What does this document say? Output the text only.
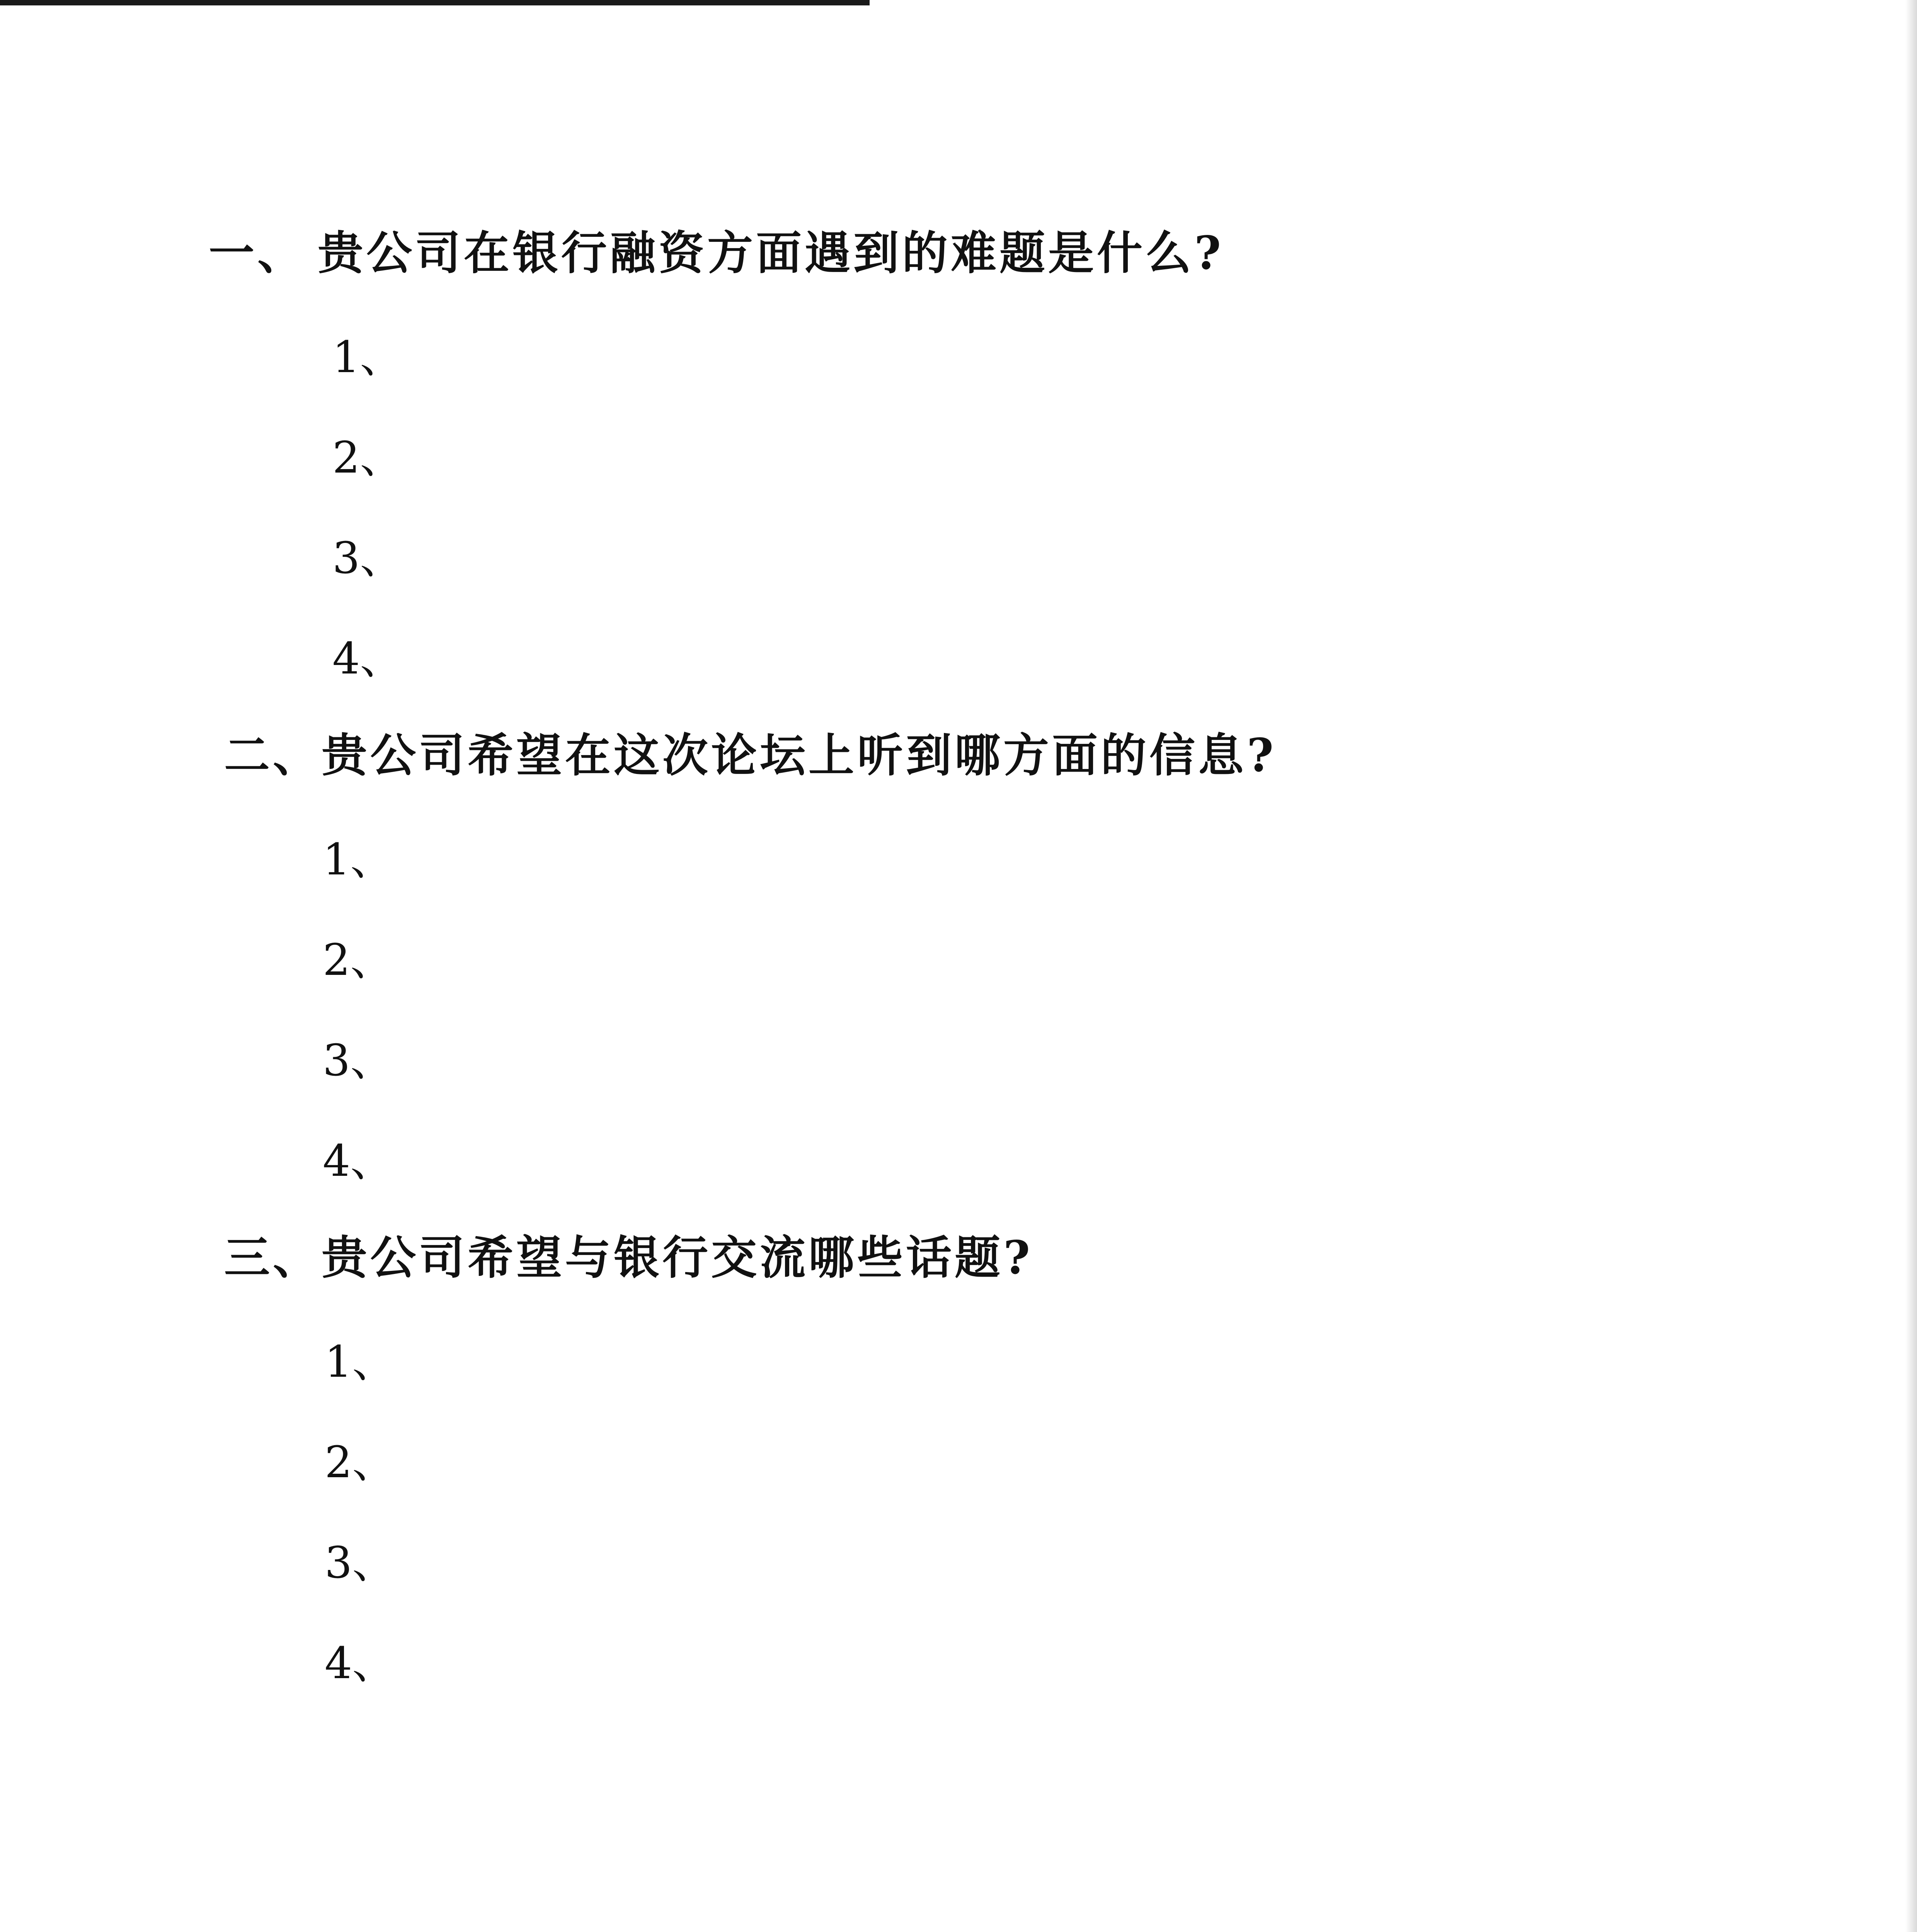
一、 贵公司在银行融资方面遇到的难题是什么?
1、
2、
3、
4、
二、贵公司希望在这次论坛上听到哪方面的信息?
1、
2、
3、
4、
三、贵公司希望与银行交流哪些话题?
1、
2、
3、
4、
